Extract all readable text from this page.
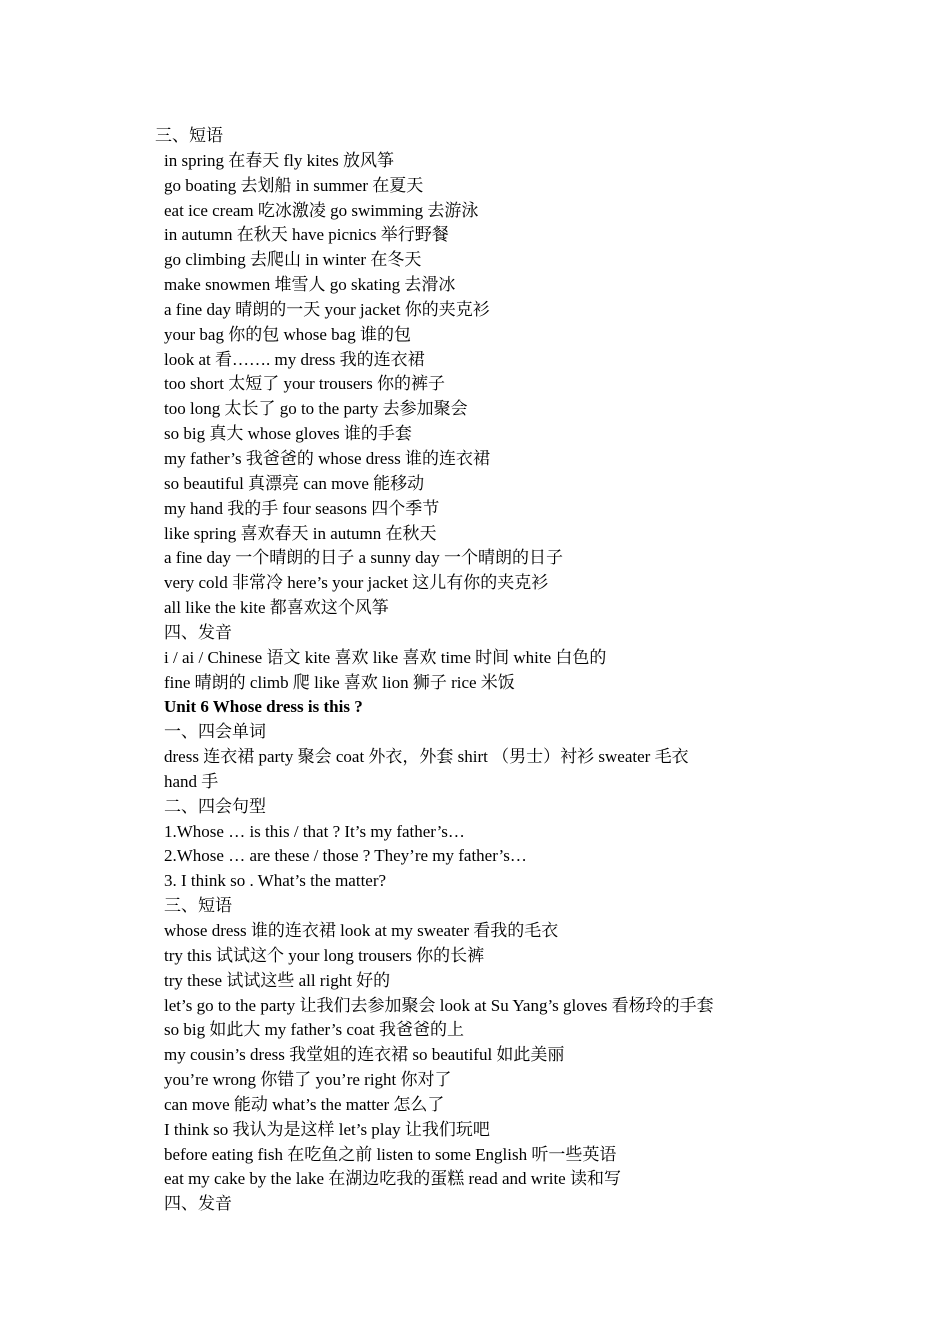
三、短语
in spring 在春天 fly kites 放风筝
go boating 去划船 in summer 在夏天
eat ice cream 吃冰激凌 go swimming 去游泳
in autumn 在秋天 have picnics 举行野餐
go climbing 去爬山 in winter 在冬天
make snowmen 堆雪人 go skating 去滑冰
a fine day 晴朗的一天 your jacket 你的夹克衫
your bag 你的包 whose bag 谁的包
look at 看……. my dress 我的连衣裙
too short 太短了 your trousers 你的裤子
too long 太长了 go to the party 去参加聚会
so big 真大 whose gloves 谁的手套
my father’s 我爸爸的 whose dress 谁的连衣裙
so beautiful 真漂亮 can move 能移动
my hand 我的手 four seasons 四个季节
like spring 喜欢春天 in autumn 在秋天
a fine day 一个晴朗的日子 a sunny day 一个晴朗的日子
very cold 非常冷 here’s your jacket 这儿有你的夹克衫
all like the kite 都喜欢这个风筝
四、发音
i / ai / Chinese 语文 kite 喜欢 like 喜欢 time 时间 white 白色的
fine 晴朗的 climb 爬 like 喜欢 lion 狮子 rice 米饭
Unit 6 Whose dress is this ?
一、四会单词
dress 连衣裙 party 聚会 coat 外衣，外套 shirt （男士）衬衫 sweater 毛衣
hand 手
二、四会句型
1.Whose … is this / that ? It’s my father’s…
2.Whose … are these / those ? They’re my father’s…
3. I think so . What’s the matter?
三、短语
whose dress 谁的连衣裙 look at my sweater 看我的毛衣
try this 试试这个 your long trousers 你的长裤
try these 试试这些 all right 好的
let’s go to the party 让我们去参加聚会 look at Su Yang’s gloves 看杨玲的手套
so big 如此大 my father’s coat 我爸爸的上
my cousin’s dress 我堂姐的连衣裙 so beautiful 如此美丽
you’re wrong 你错了 you’re right 你对了
can move 能动 what’s the matter 怎么了
I think so 我认为是这样 let’s play 让我们玩吧
before eating fish 在吃鱼之前 listen to some English 听一些英语
eat my cake by the lake 在湖边吃我的蛋糕 read and write 读和写
四、发音
